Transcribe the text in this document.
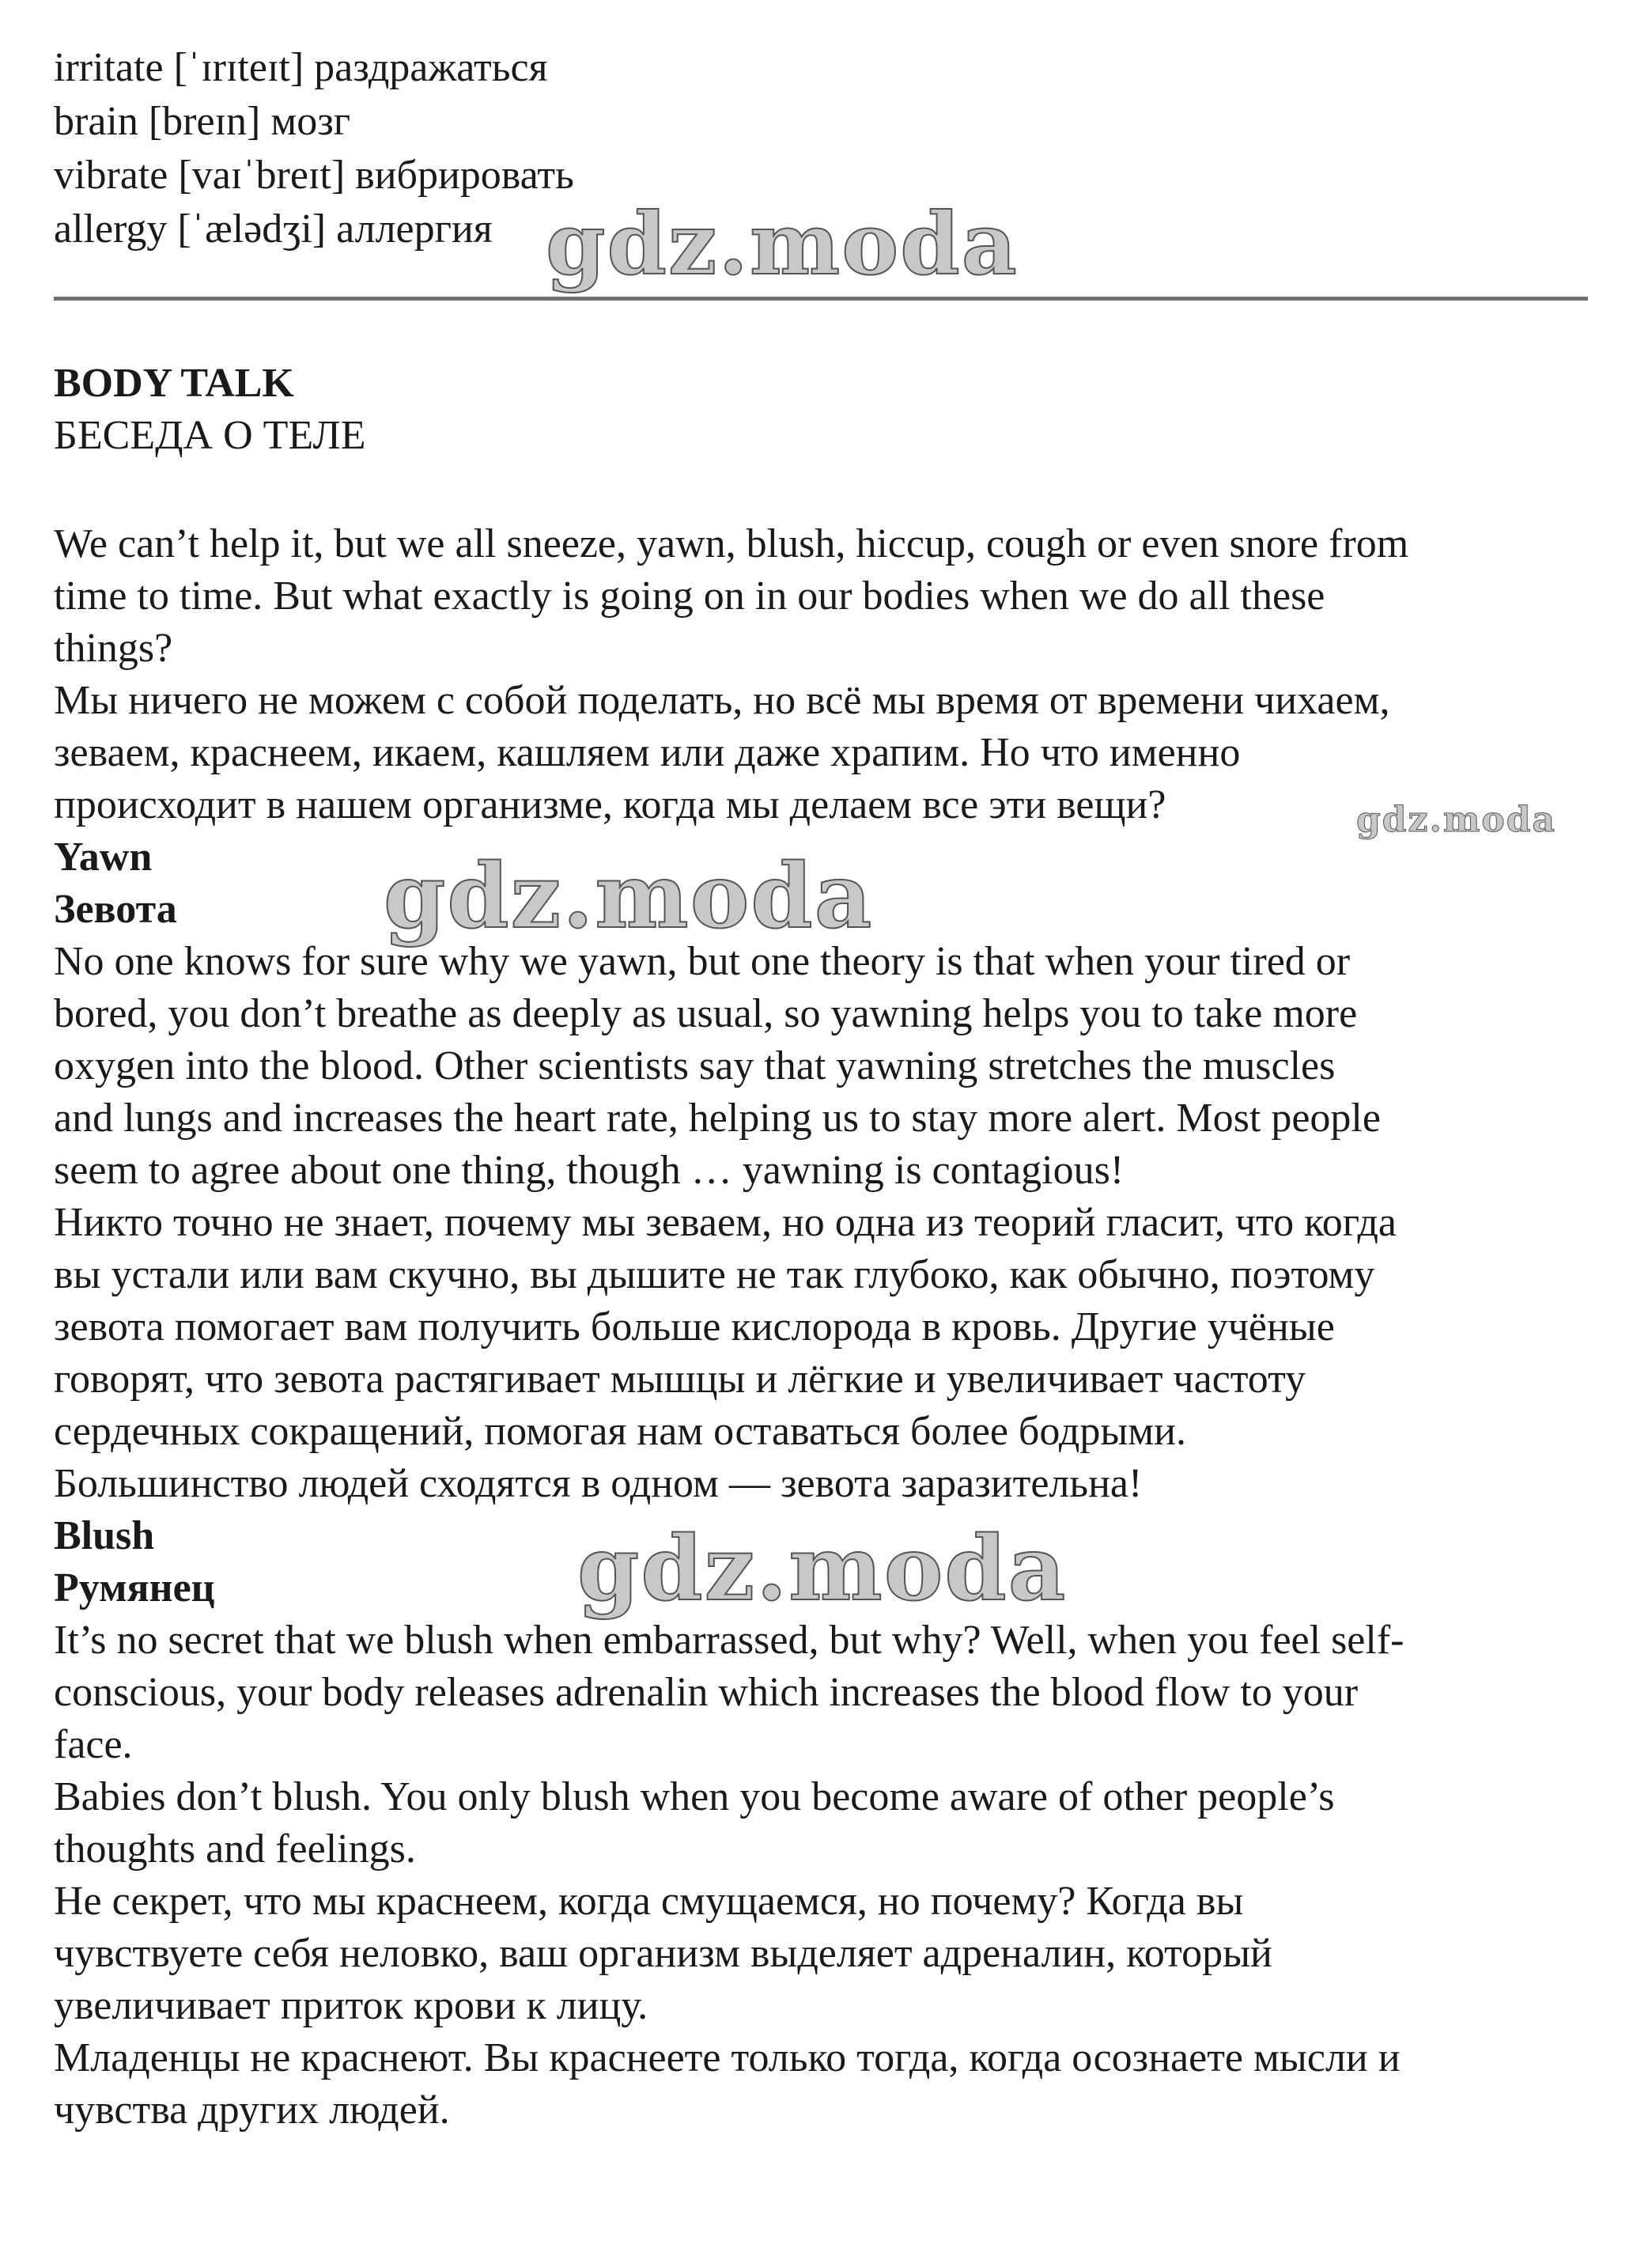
irritate [ˈɪrɪteɪt] раздражаться
brain [breɪn] мозг
vibrate [vaɪˈbreɪt] вибрировать
allergy [ˈælədʒi] аллергия
BODY TALK
БЕСЕДА О ТЕЛЕ
We can’t help it, but we all sneeze, yawn, blush, hiccup, cough or even snore from
time to time. But what exactly is going on in our bodies when we do all these
things?
Мы ничего не можем с собой поделать, но всё мы время от времени чихаем,
зеваем, краснеем, икаем, кашляем или даже храпим. Но что именно
происходит в нашем организме, когда мы делаем все эти вещи?
Yawn
Зевота
No one knows for sure why we yawn, but one theory is that when your tired or
bored, you don’t breathe as deeply as usual, so yawning helps you to take more
oxygen into the blood. Other scientists say that yawning stretches the muscles
and lungs and increases the heart rate, helping us to stay more alert. Most people
seem to agree about one thing, though … yawning is contagious!
Никто точно не знает, почему мы зеваем, но одна из теорий гласит, что когда
вы устали или вам скучно, вы дышите не так глубоко, как обычно, поэтому
зевота помогает вам получить больше кислорода в кровь. Другие учёные
говорят, что зевота растягивает мышцы и лёгкие и увеличивает частоту
сердечных сокращений, помогая нам оставаться более бодрыми.
Большинство людей сходятся в одном — зевота заразительна!
Blush
Румянец
It’s no secret that we blush when embarrassed, but why? Well, when you feel self-
conscious, your body releases adrenalin which increases the blood flow to your
face.
Babies don’t blush. You only blush when you become aware of other people’s
thoughts and feelings.
Не секрет, что мы краснеем, когда смущаемся, но почему? Когда вы
чувствуете себя неловко, ваш организм выделяет адреналин, который
увеличивает приток крови к лицу.
Младенцы не краснеют. Вы краснеете только тогда, когда осознаете мысли и
чувства других людей.
gdz.moda
gdz.moda
gdz.moda
gdz.moda
